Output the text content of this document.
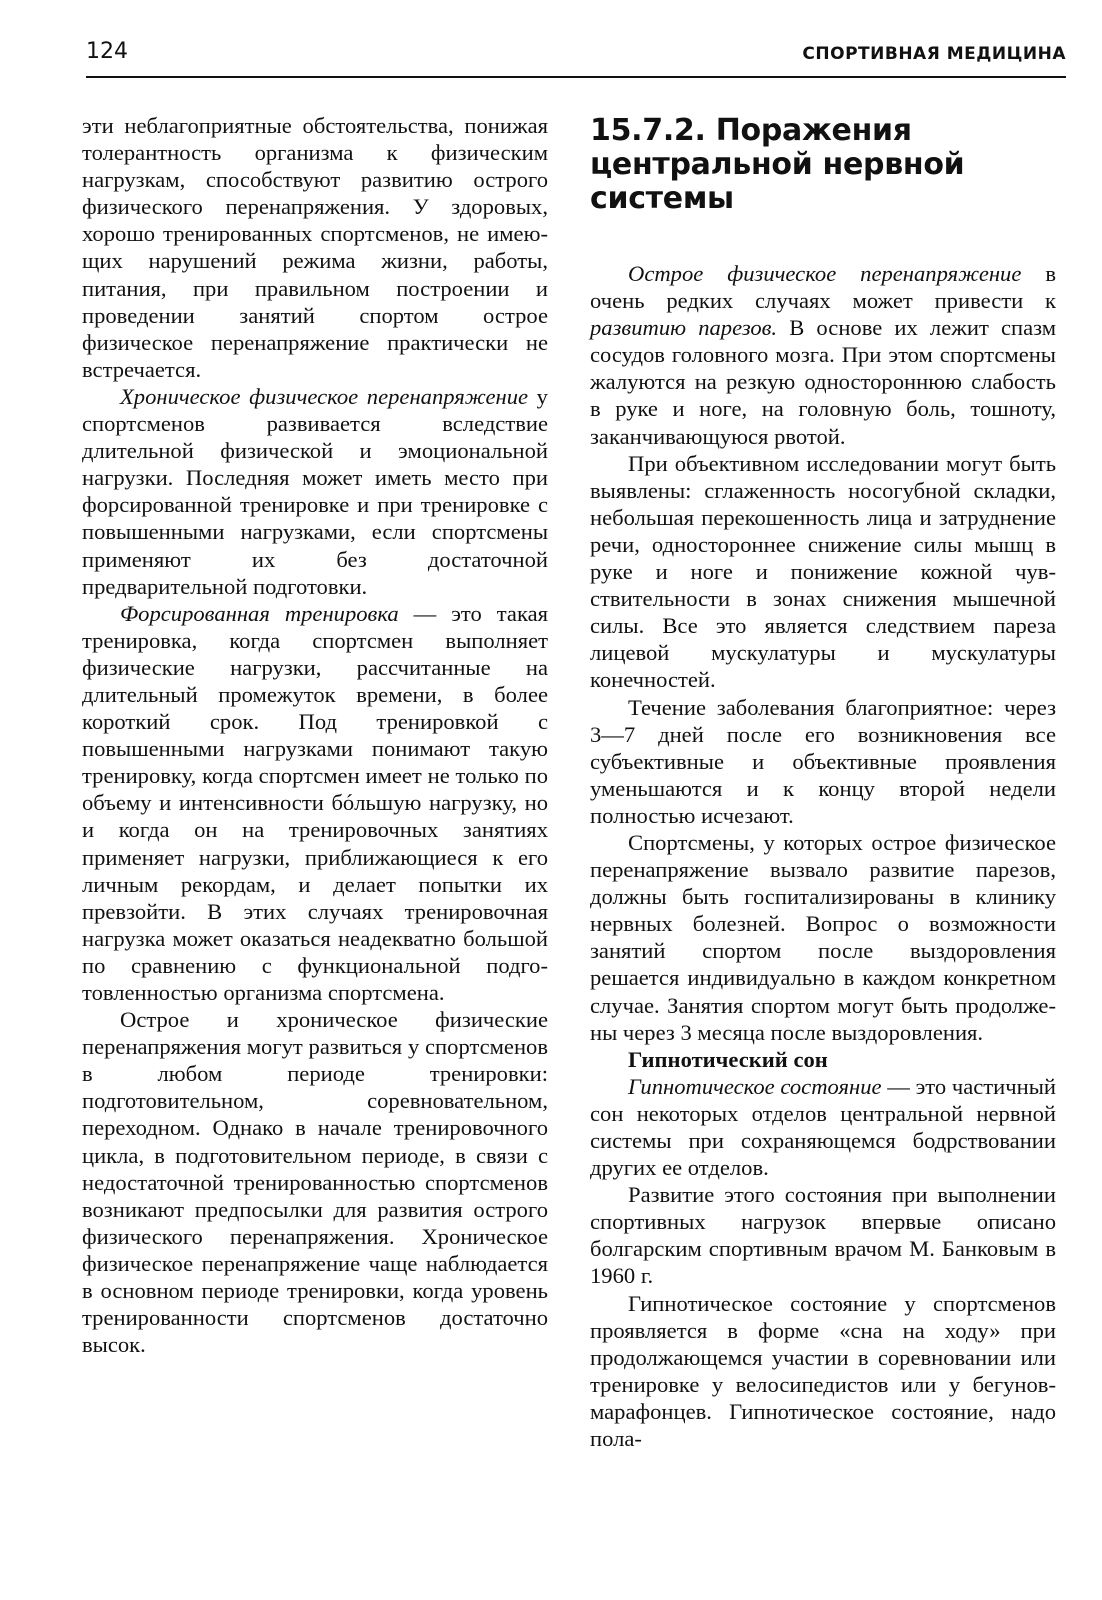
124	СПОРТИВНАЯ МЕДИЦИНА

эти неблагоприятные обстоятельства, понижая толерантность организма к физическим нагрузкам, способствуют развитию острого физического перенапряжения. У здоровых, хорошо тренированных спортсменов, не имеющих нарушений режима жизни, работы, питания, при правильном построении и проведении занятий спортом острое физическое перенапряжение практически не встречается.

Хроническое физическое перенапряжение у спортсменов развивается вследствие длительной физической и эмоциональной нагрузки. Последняя может иметь место при форсированной тренировке и при тренировке с повышенными нагрузками, если спортсмены применяют их без достаточной предварительной подготовки.

Форсированная тренировка — это такая тренировка, когда спортсмен выполняет физические нагрузки, рассчитанные на длительный промежуток времени, в более короткий срок. Под тренировкой с повышенными нагрузками понимают такую тренировку, когда спортсмен имеет не только по объему и интенсивности бóльшую нагрузку, но и когда он на тренировочных занятиях применяет нагрузки, приближающиеся к его личным рекордам, и делает попытки их превзойти. В этих случаях тренировочная нагрузка может оказаться неадекватно большой по сравнению с функциональной подготовленностью организма спортсмена.

Острое и хроническое физические перенапряжения могут развиться у спортсменов в любом периоде тренировки: подготовительном, соревновательном, переходном. Однако в начале тренировочного цикла, в подготовительном периоде, в связи с недостаточной тренированностью спортсменов возникают предпосылки для развития острого физического перенапряжения. Хроническое физическое перенапряжение чаще наблюдается в основном периоде тренировки, когда уровень тренированности спортсменов достаточно высок.

15.7.2. Поражения центральной нервной системы

Острое физическое перенапряжение в очень редких случаях может привести к развитию парезов. В основе их лежит спазм сосудов головного мозга. При этом спортсмены жалуются на резкую одностороннюю слабость в руке и ноге, на головную боль, тошноту, заканчивающуюся рвотой.

При объективном исследовании могут быть выявлены: сглаженность носогубной складки, небольшая перекошенность лица и затруднение речи, одностороннее снижение силы мышц в руке и ноге и понижение кожной чувствительности в зонах снижения мышечной силы. Все это является следствием пареза лицевой мускулатуры и мускулатуры конечностей.

Течение заболевания благоприятное: через 3—7 дней после его возникновения все субъективные и объективные проявления уменьшаются и к концу второй недели полностью исчезают.

Спортсмены, у которых острое физическое перенапряжение вызвало развитие парезов, должны быть госпитализированы в клинику нервных болезней. Вопрос о возможности занятий спортом после выздоровления решается индивидуально в каждом конкретном случае. Занятия спортом могут быть продолжены через 3 месяца после выздоровления.

Гипнотический сон

Гипнотическое состояние — это частичный сон некоторых отделов центральной нервной системы при сохраняющемся бодрствовании других ее отделов.

Развитие этого состояния при выполнении спортивных нагрузок впервые описано болгарским спортивным врачом М. Банковым в 1960 г.

Гипнотическое состояние у спортсменов проявляется в форме «сна на ходу» при продолжающемся участии в соревновании или тренировке у велосипедистов или у бегунов-марафонцев. Гипнотическое состояние, надо пола-
